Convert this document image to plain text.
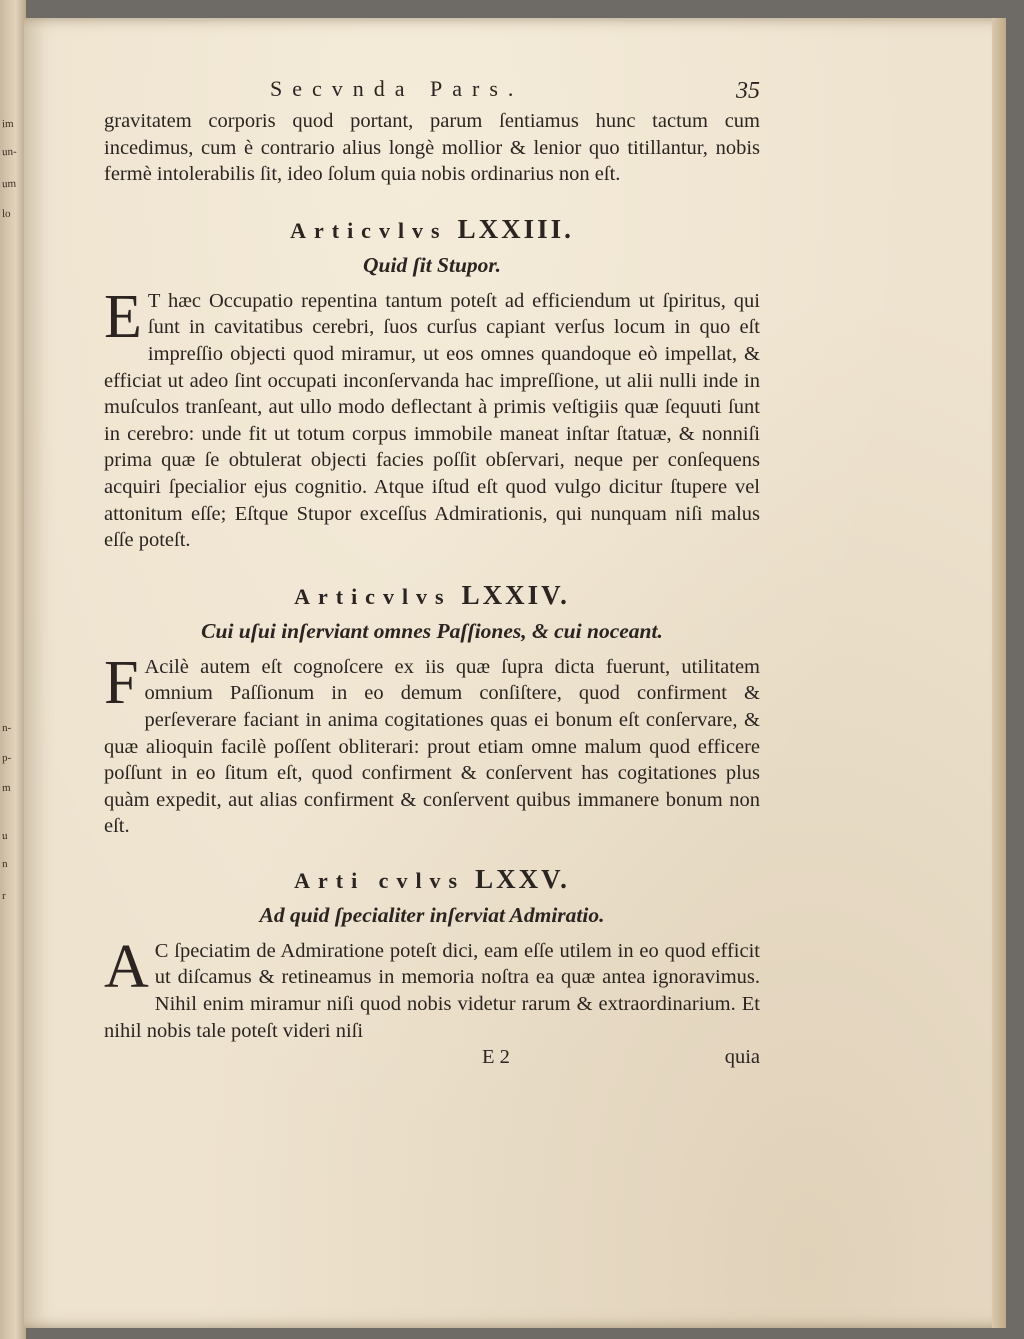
im
un-
um
lo
n-
p-
m
u
n
r
Secvnda Pars.	35

gravitatem corporis quod portant, parum ſentiamus hunc tactum cum incedimus, cum è contrario alius longè mollior & lenior quo titillantur, nobis fermè intolerabilis ſit, ideo ſolum quia nobis ordinarius non eſt.

Articvlvs LXXIII.
Quid ſit Stupor.

E T hæc Occupatio repentina tantum poteſt ad efficiendum ut ſpiritus, qui ſunt in cavitatibus cerebri, ſuos curſus capiant verſus locum in quo eſt impreſſio objecti quod miramur, ut eos omnes quandoque eò impellat, & efficiat ut adeo ſint occupati inconſervanda hac impreſſione, ut alii nulli inde in muſculos tranſeant, aut ullo modo deflectant à primis veſtigiis quæ ſequuti ſunt in cerebro: unde fit ut totum corpus immobile maneat inſtar ſtatuæ, & nonniſi prima quæ ſe obtulerat objecti facies poſſit obſervari, neque per conſequens acquiri ſpecialior ejus cognitio. Atque iſtud eſt quod vulgo dicitur ſtupere vel attonitum eſſe; Eſtque Stupor exceſſus Admirationis, qui nunquam niſi malus eſſe poteſt.

Articvlvs LXXIV.
Cui uſui inſerviant omnes Paſſiones, & cui noceant.

F Acilè autem eſt cognoſcere ex iis quæ ſupra dicta fuerunt, utilitatem omnium Paſſionum in eo demum conſiſtere, quod confirment & perſeverare faciant in anima cogitationes quas ei bonum eſt conſervare, & quæ alioquin facilè poſſent obliterari: prout etiam omne malum quod efficere poſſunt in eo ſitum eſt, quod confirment & conſervent has cogitationes plus quàm expedit, aut alias confirment & conſervent quibus immanere bonum non eſt.

Arti cvlvs LXXV.
Ad quid ſpecialiter inſerviat Admiratio.

A C ſpeciatim de Admiratione poteſt dici, eam eſſe utilem in eo quod efficit ut diſcamus & retineamus in memoria noſtra ea quæ antea ignoravimus. Nihil enim miramur niſi quod nobis videtur rarum & extraordinarium. Et nihil nobis tale poteſt videri niſi

E 2	quia
